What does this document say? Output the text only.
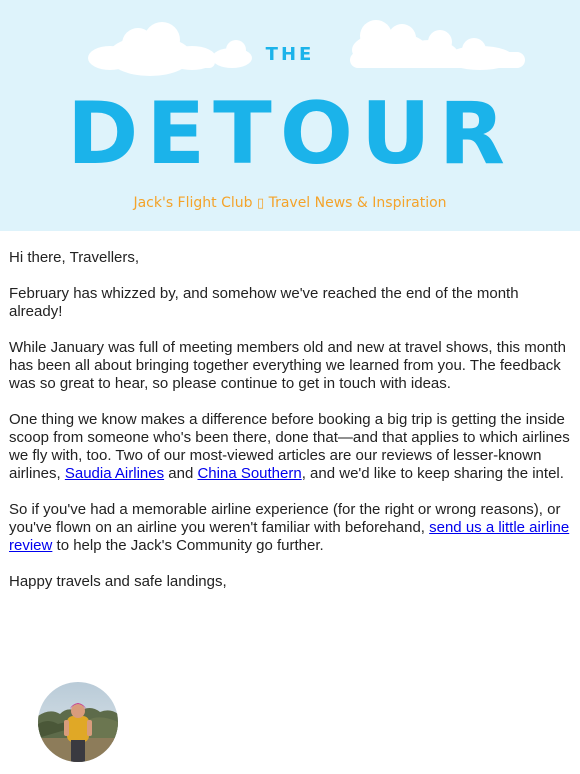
THE
DETOUR
Jack's Flight Club ▯ Travel News & Inspiration

Hi there, Travellers,

February has whizzed by, and somehow we've reached the end of the month already!

While January was full of meeting members old and new at travel shows, this month has been all about bringing together everything we learned from you. The feedback was so great to hear, so please continue to get in touch with ideas.

One thing we know makes a difference before booking a big trip is getting the inside scoop from someone who's been there, done that—and that applies to which airlines we fly with, too. Two of our most-viewed articles are our reviews of lesser-known airlines, Saudia Airlines and China Southern, and we'd like to keep sharing the intel.

So if you've had a memorable airline experience (for the right or wrong reasons), or you've flown on an airline you weren't familiar with beforehand, send us a little airline review to help the Jack's Community go further.

Happy travels and safe landings,
